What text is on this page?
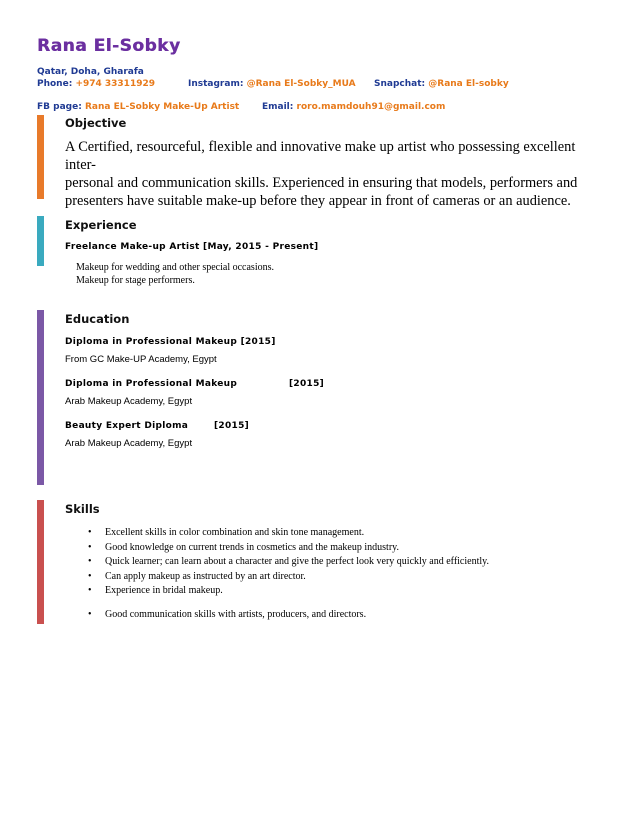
Rana El-Sobky
Qatar, Doha, Gharafa
Phone: +974 33311929	Instagram: @Rana El-Sobky_MUA Snapchat: @Rana El-sobky
FB page: Rana EL-Sobky Make-Up Artist	Email: roro.mamdouh91@gmail.com
Objective
A Certified, resourceful, flexible and innovative make up artist who possessing excellent inter-
personal and communication skills. Experienced in ensuring that models, performers and
presenters have suitable make-up before they appear in front of cameras or an audience.
Experience
Freelance Make-up Artist [May, 2015 - Present]
Makeup for wedding and other special occasions.
Makeup for stage performers.
Education
Diploma in Professional Makeup [2015]
From GC Make-UP Academy, Egypt
Diploma in Professional Makeup	[2015]
Arab Makeup Academy, Egypt
Beauty Expert Diploma	[2015]
Arab Makeup Academy, Egypt
Skills
• Excellent skills in color combination and skin tone management.
• Good knowledge on current trends in cosmetics and the makeup industry.
• Quick learner; can learn about a character and give the perfect look very quickly and efficiently.
• Can apply makeup as instructed by an art director.
• Experience in bridal makeup.
• Good communication skills with artists, producers, and directors.
